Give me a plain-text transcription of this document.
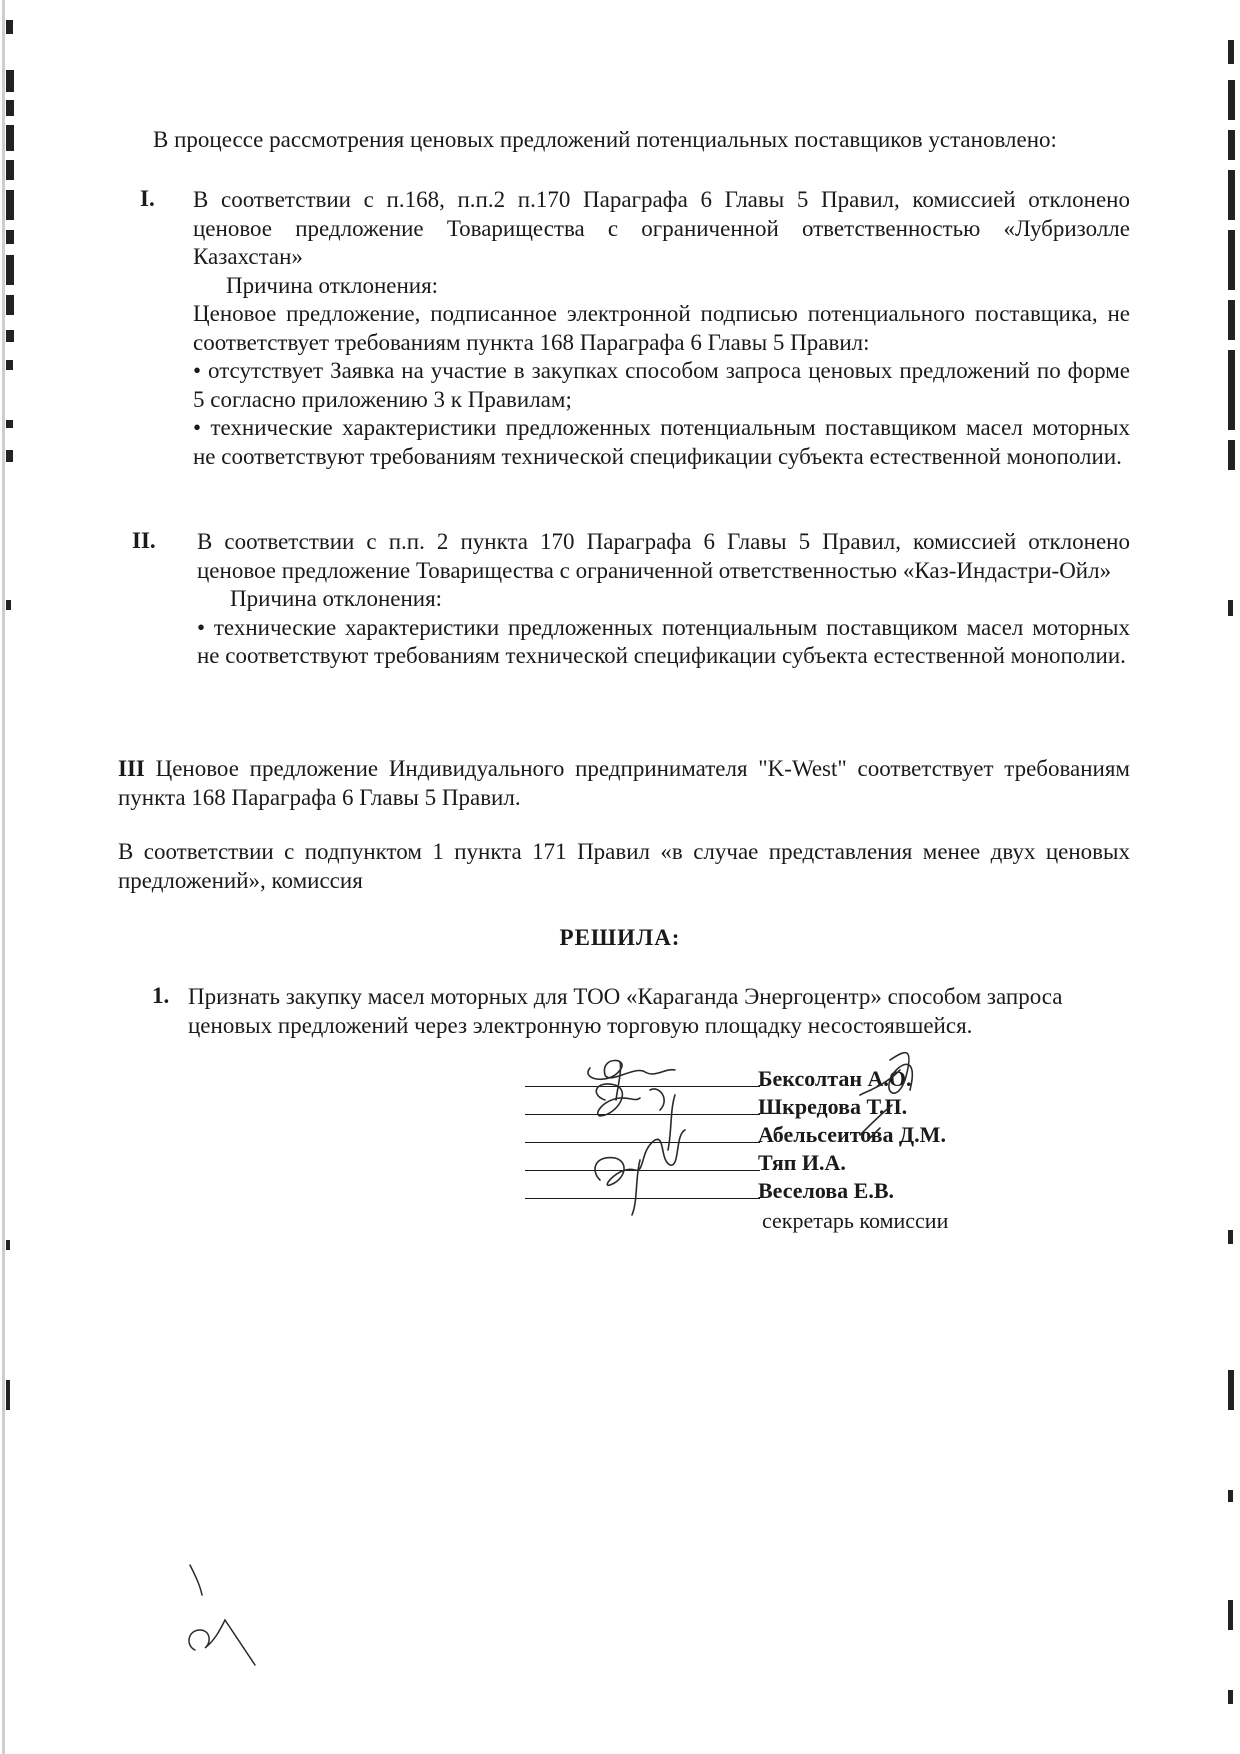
В процессе рассмотрения ценовых предложений потенциальных поставщиков установлено:
I. В соответствии с п.168, п.п.2 п.170 Параграфа 6 Главы 5 Правил, комиссией отклонено ценовое предложение Товарищества с ограниченной ответственностью «Лубризолле Казахстан»

Причина отклонения:

Ценовое предложение, подписанное электронной подписью потенциального поставщика, не соответствует требованиям пункта 168 Параграфа 6 Главы 5 Правил:

• отсутствует Заявка на участие в закупках способом запроса ценовых предложений по форме 5 согласно приложению 3 к Правилам;

• технические характеристики предложенных потенциальным поставщиком масел моторных не соответствуют требованиям технической спецификации субъекта естественной монополии.

II. В соответствии с п.п. 2 пункта 170 Параграфа 6 Главы 5 Правил, комиссией отклонено ценовое предложение Товарищества с ограниченной ответственностью «Каз-Индастри-Ойл»

Причина отклонения:

• технические характеристики предложенных потенциальным поставщиком масел моторных не соответствуют требованиям технической спецификации субъекта естественной монополии.

III Ценовое предложение Индивидуального предпринимателя "K-West" соответствует требованиям пункта 168 Параграфа 6 Главы 5 Правил.
В соответствии с подпунктом 1 пункта 171 Правил «в случае представления менее двух ценовых предложений», комиссия
РЕШИЛА:
1. Признать закупку масел моторных для ТОО «Караганда Энергоцентр» способом запроса ценовых предложений через электронную торговую площадку несостоявшейся.
Бексолтан А.О.
Шкредова Т.П.
Абельсеитова Д.М.
Тяп И.А.
Веселова Е.В.
секретарь комиссии
